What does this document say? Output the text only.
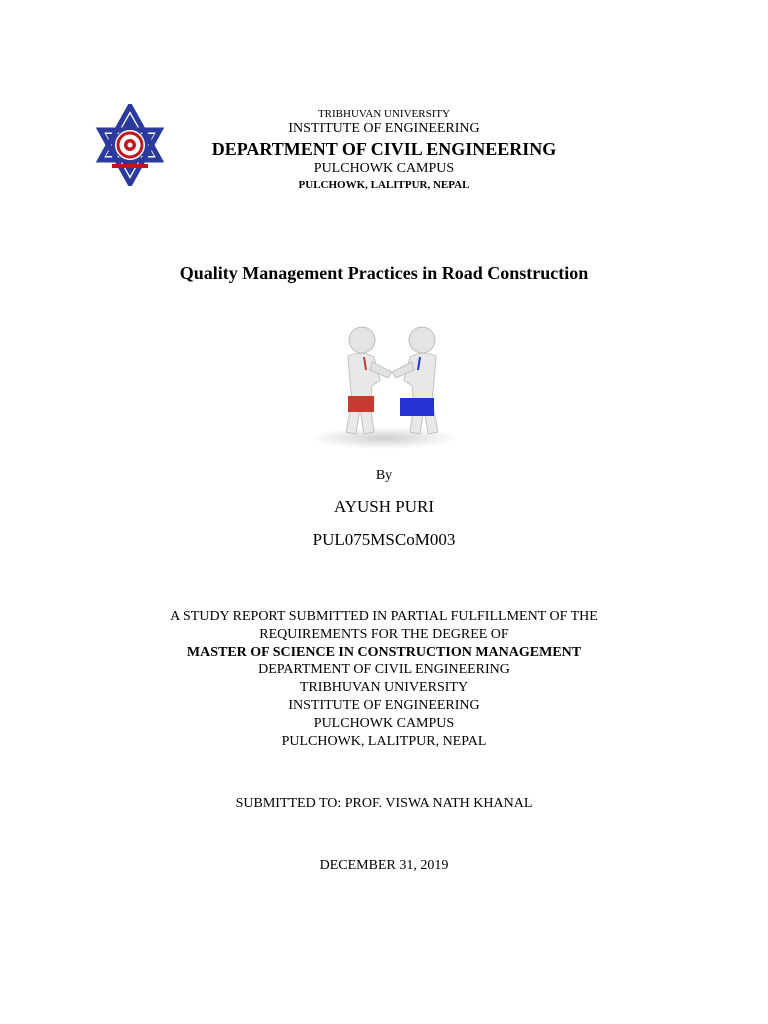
TRIBHUVAN UNIVERSITY
INSTITUTE OF ENGINEERING
DEPARTMENT OF CIVIL ENGINEERING
PULCHOWK CAMPUS
PULCHOWK, LALITPUR, NEPAL
Quality Management Practices in Road Construction
By
AYUSH PURI
PUL075MSCoM003
A STUDY REPORT SUBMITTED IN PARTIAL FULFILLMENT OF THE
REQUIREMENTS FOR THE DEGREE OF
MASTER OF SCIENCE IN CONSTRUCTION MANAGEMENT
DEPARTMENT OF CIVIL ENGINEERING
TRIBHUVAN UNIVERSITY
INSTITUTE OF ENGINEERING
PULCHOWK CAMPUS
PULCHOWK, LALITPUR, NEPAL
SUBMITTED TO: PROF. VISWA NATH KHANAL
DECEMBER 31, 2019
